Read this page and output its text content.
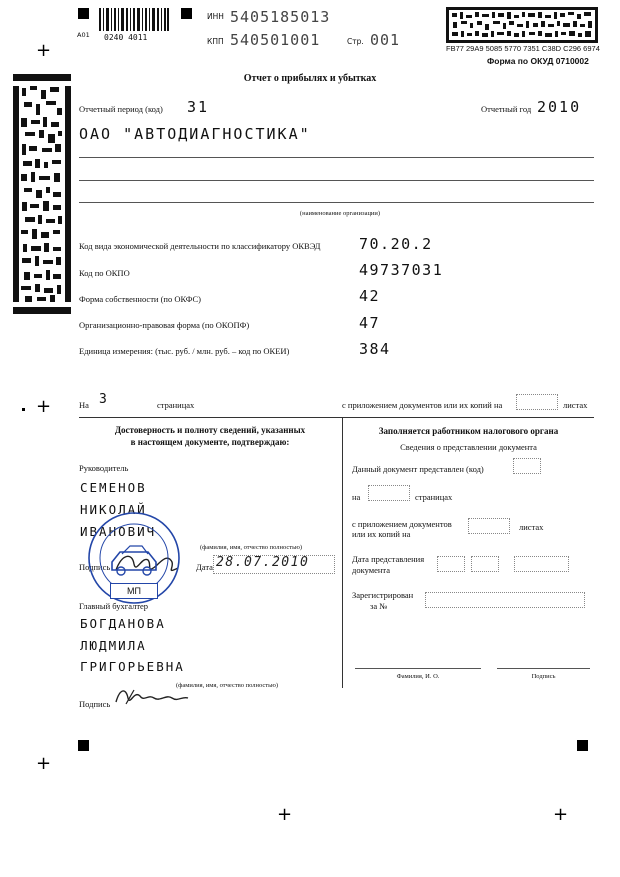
+
+
+
+	+
A01 0240 4011
ИНН 5405185013
КПП 540501001	Стр. 001	FB77 29A9 5085 5770 7351 C38D C296 6974
Форма по ОКУД 0710002
Отчет о прибылях и убытках
Отчетный период (код) 31	Отчетный год 2010
ОАО "АВТОДИАГНОСТИКА"
(наименование организации)
Код вида экономической деятельности по классификатору ОКВЭД	70.20.2
Код по ОКПО	49737031
Форма собственности (по ОКФС)	42
Организационно-правовая форма (по ОКОПФ)	47
Единица измерения: (тыс. руб. / млн. руб. – код по ОКЕИ)	384
На 3	страницах	с приложением документов или их копий на	листах
Достоверность и полноту сведений, указанных
в настоящем документе, подтверждаю:
Руководитель
СЕМЕНОВ
НИКОЛАЙ
ИВАНОВИЧ
(фамилия, имя, отчество полностью)
Подпись	Дата 28.07.2010
МП
Главный бухгалтер
БОГДАНОВА
ЛЮДМИЛА
ГРИГОРЬЕВНА
(фамилия, имя, отчество полностью)
Подпись
Заполняется работником налогового органа
Сведения о представлении документа
Данный документ представлен (код)
на	страницах
с приложением документов
или их копий на
листах
Дата представления
документа
Зарегистрирован
за №
Фамилия, И. О.	Подпись
